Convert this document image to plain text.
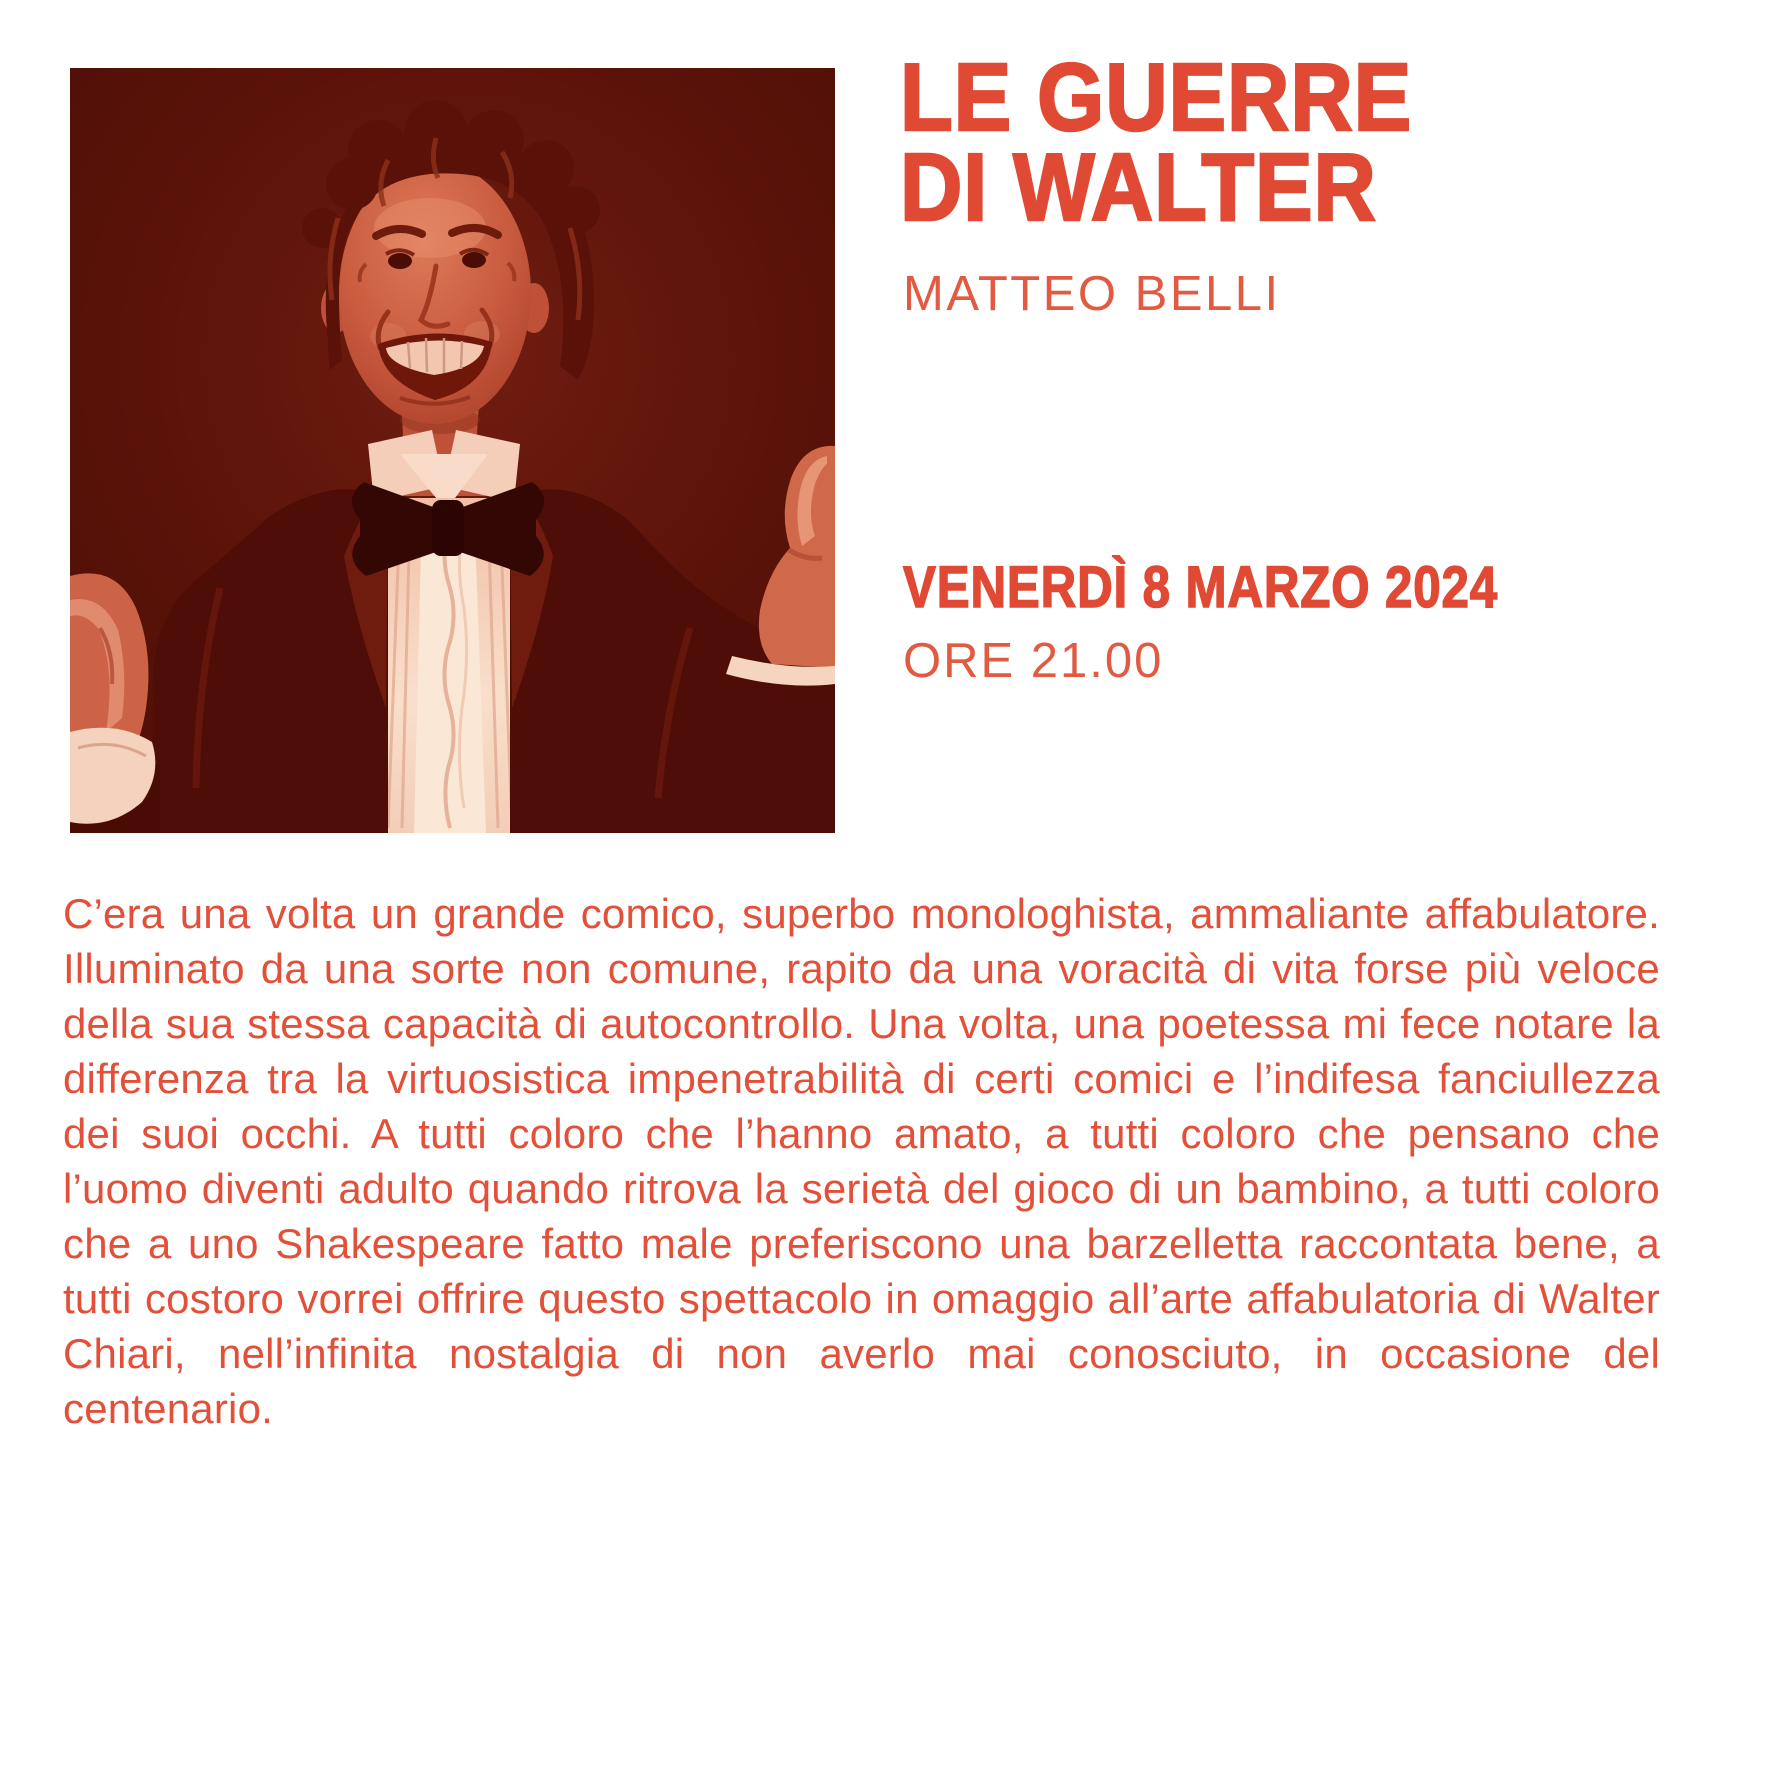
LE GUERRE
DI WALTER
MATTEO BELLI
VENERDÌ 8 MARZO 2024
ORE 21.00

C’era una volta un grande comico, superbo monologhista, ammaliante affabulatore. Illuminato da una sorte non comune, rapito da una voracità di vita forse più veloce della sua stessa capacità di autocontrollo. Una volta, una poetessa mi fece notare la differenza tra la virtuosistica impenetrabilità di certi comici e l’indifesa fanciullezza dei suoi occhi. A tutti coloro che l’hanno amato, a tutti coloro che pensano che l’uomo diventi adulto quando ritrova la serietà del gioco di un bambino, a tutti coloro che a uno Shakespeare fatto male preferiscono una barzelletta raccontata bene, a tutti costoro vorrei offrire questo spettacolo in omaggio all’arte affabulatoria di Walter Chiari, nell’infinita nostalgia di non averlo mai conosciuto, in occasione del centenario.
